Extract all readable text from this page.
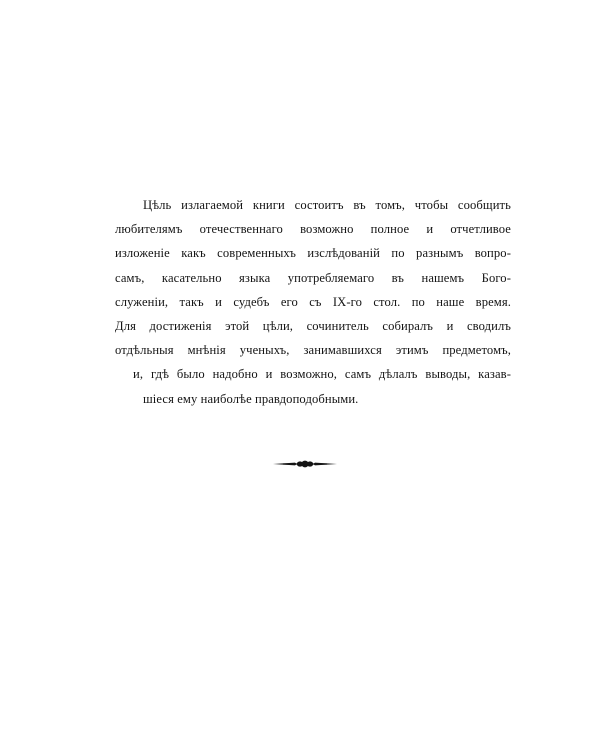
Цѣль излагаемой книги состоитъ въ томъ, чтобы сообщить
любителямъ отечественнаго возможно полное и отчетливое
изложеніе какъ современныхъ изслѣдованій по разнымъ вопро-
самъ, касательно языка употребляемаго въ нашемъ Бого-
служеніи, такъ и судебъ его съ IX-го стол. по наше время.
Для достиженія этой цѣли, сочинитель собиралъ и сводилъ
отдѣльныя мнѣнія ученыхъ, занимавшихся этимъ предметомъ,
и, гдѣ было надобно и возможно, самъ дѣлалъ выводы, казав-
шіеся ему наиболѣе правдоподобными.
